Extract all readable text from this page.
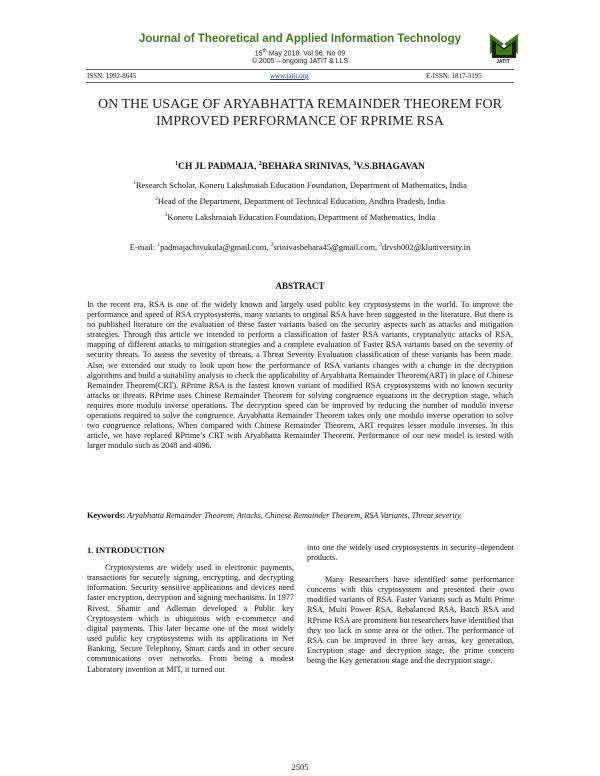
Journal of Theoretical and Applied Information Technology
15th May 2018. Vol.96. No 09
© 2005 – ongoing JATIT & LLS	JATIT
ISSN: 1992-8645	www.jatit.org	E-ISSN: 1817-3195
ON THE USAGE OF ARYABHATTA REMAINDER THEOREM FOR IMPROVED PERFORMANCE OF RPRIME RSA
$^1$CH JL PADMAJA, $^2$BEHARA SRINIVAS, $^3$V.S.BHAGAVAN
$^1$Research Scholar, Koneru Lakshmaiah Education Foundation, Department of Mathematics, India
$^2$Head of the Department, Department of Technical Education, Andhra Pradesh, India
$^3$Koneru Lakshmaiah Education Foundation, Department of Mathematics, India
E-mail: $^1$padmajachivukula@gmail.com, $^2$srinivasbehara45@gmail.com, $^3$drvsb002@kluniversity.in
ABSTRACT

In the recent era, RSA is one of the widely known and largely used public key cryptosystems in the world. To improve the performance and speed of RSA cryptosystems, many variants to original RSA have been suggested in the literature. But there is no published literature on the evaluation of these faster variants based on the security aspects such as attacks and mitigation strategies. Through this article we intended to perform a classification of faster RSA variants, cryptanalytic attacks of RSA, mapping of different attacks to mitigation strategies and a complete evaluation of Faster RSA variants based on the severity of security threats. To assess the severity of threats, a Threat Severity Evaluation classification of these variants has been made. Also, we extended our study to look upon how the performance of RSA variants changes with a change in the decryption algorithms and build a suitability analysis to check the applicability of Aryabhatta Remainder Theorem(ART) in place of Chinese Remainder Theorem(CRT). RPrime RSA is the fastest known variant of modified RSA cryptosystems with no known security attacks or threats. RPrime uses Chinese Remainder Theorem for solving congruence equations in the decryption stage, which requires more modulo inverse operations. The decryption speed can be improved by reducing the number of modulo inverse operations required to solve the congruence. Aryabhatta Remainder Theorem takes only one modulo inverse operation to solve two congruence relations. When compared with Chinese Remainder Theorem, ART requires lesser modulo inverses. In this article, we have replaced RPrime’s CRT with Aryabhatta Remainder Theorem. Performance of our new model is tested with larger modulo such as 2048 and 4096.

Keywords: Aryabhatta Remainder Theorem, Attacks, Chinese Remainder Theorem, RSA Variants, Threat severity.

1. INTRODUCTION

Cryptosystems are widely used in electronic payments, transactions for securely signing, encrypting, and decrypting information. Security sensitive applications and devices need faster encryption, decryption and signing mechanisms. In 1977 Rivest, Shamir and Adleman developed a Public key Cryptosystem which is ubiquitous with e-commerce and digital payments. This later became one of the most widely used public key cryptosystems with its applications in Net Banking, Secure Telephony, Smart cards and in other secure communications over networks. From being a modest Laboratory invention at MIT, it turned out

into one the widely used cryptosystems in security–dependent products.

Many Researchers have identified some performance concerns with this cryptosystem and presented their own modified variants of RSA. Faster Variants such as Multi Prime RSA, Multi Power RSA, Rebalanced RSA, Batch RSA and RPrime RSA are prominent but researchers have identified that they too lack in some area or the other. The performance of RSA can be improved in three key areas, key generation, Encryption stage and decryption stage, the prime concern being the Key generation stage and the decryption stage.

2505
